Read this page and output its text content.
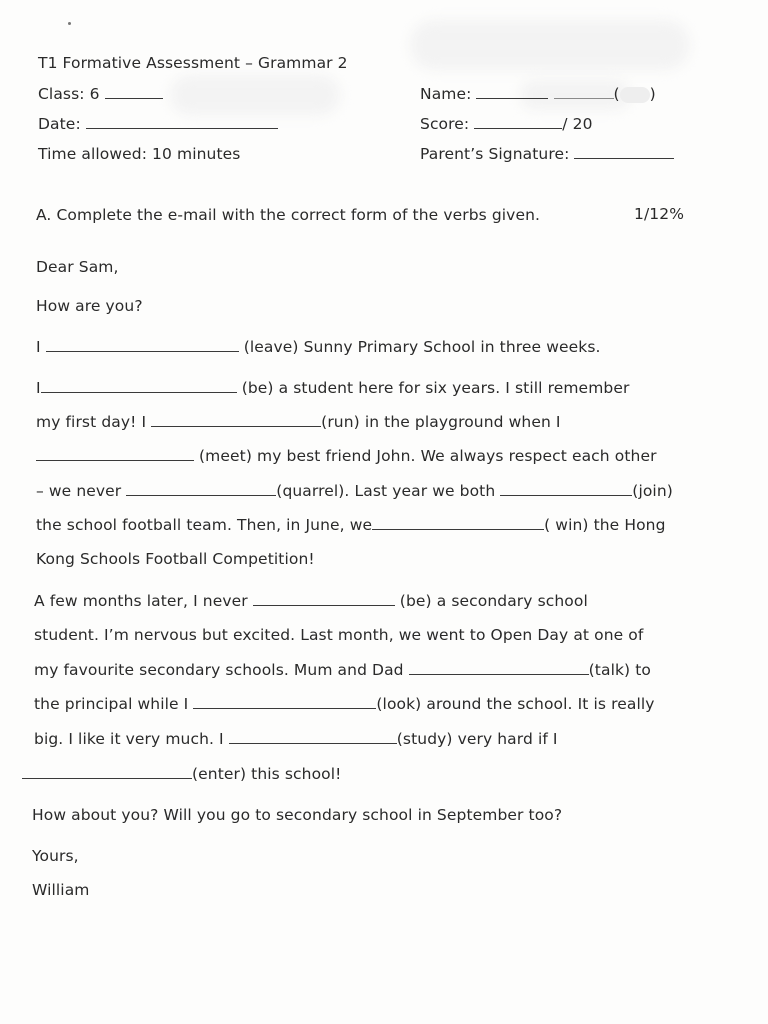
T1 Formative Assessment – Grammar 2
Class: 6
Date:
Time allowed: 10 minutes
Name:	( )
Score:	/ 20
Parent’s Signature:
A. Complete the e-mail with the correct form of the verbs given.	1/12%
Dear Sam,
How are you?
I	(leave) Sunny Primary School in three weeks.
I	(be) a student here for six years. I still remember
my first day! I	(run) in the playground when I
(meet) my best friend John. We always respect each other
– we never	(quarrel). Last year we both	(join)
the school football team. Then, in June, we	( win) the Hong
Kong Schools Football Competition!
A few months later, I never	(be) a secondary school
student. I’m nervous but excited. Last month, we went to Open Day at one of
my favourite secondary schools. Mum and Dad	(talk) to
the principal while I	(look) around the school. It is really
big. I like it very much. I	(study) very hard if I
(enter) this school!
How about you? Will you go to secondary school in September too?
Yours,
William
